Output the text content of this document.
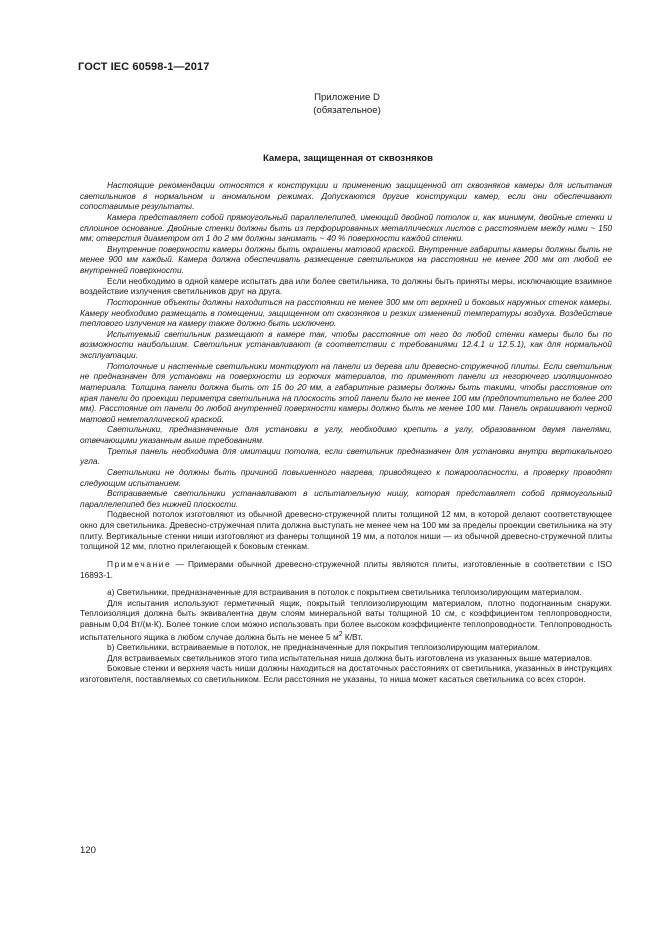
ГОСТ IEC 60598-1—2017
Приложение D
(обязательное)
Камера, защищенная от сквозняков

Настоящие рекомендации относятся к конструкции и применению защищенной от сквозняков камеры для испытания светильников в нормальном и аномальном режимах. Допускаются другие конструкции камер, если они обеспечивают сопоставимые результаты.

Камера представляет собой прямоугольный параллелепипед, имеющий двойной потолок и, как минимум, двойные стенки и сплошное основание. Двойные стенки должны быть из перфорированных металлических листов с расстоянием между ними ~ 150 мм; отверстия диаметром от 1 до 2 мм должны занимать ~ 40 % поверхности каждой стенки.

Внутренние поверхности камеры должны быть окрашены матовой краской. Внутренние габариты камеры должны быть не менее 900 мм каждый. Камера должна обеспечивать размещение светильников на расстоянии не менее 200 мм от любой ее внутренней поверхности.

Если необходимо в одной камере испытать два или более светильника, то должны быть приняты меры, исключающие взаимное воздействие излучения светильников друг на друга.

Посторонние объекты должны находиться на расстоянии не менее 300 мм от верхней и боковых наружных стенок камеры. Камеру необходимо размещать в помещении, защищенном от сквозняков и резких изменений температуры воздуха. Воздействие теплового излучения на камеру также должно быть исключено.

Испытуемый светильник размещают в камере так, чтобы расстояние от него до любой стенки камеры было бы по возможности наибольшим. Светильник устанавливают (в соответствии с требованиями 12.4.1 и 12.5.1), как для нормальной эксплуатации.

Потолочные и настенные светильники монтируют на панели из дерева или древесно-стружечной плиты. Если светильник не предназначен для установки на поверхности из горючих материалов, то применяют панели из негорючего изоляционного материала. Толщина панели должна быть от 15 до 20 мм, а габаритные размеры должны быть такими, чтобы расстояние от края панели до проекции периметра светильника на плоскость этой панели было не менее 100 мм (предпочтительно не более 200 мм). Расстояние от панели до любой внутренней поверхности камеры должно быть не менее 100 мм. Панель окрашивают черной матовой неметаллической краской.

Светильники, предназначенные для установки в углу, необходимо крепить в углу, образованном двумя панелями, отвечающими указанным выше требованиям.

Третья панель необходима для имитации потолка, если светильник предназначен для установки внутри вертикального угла.

Светильники не должны быть причиной повышенного нагрева, приводящего к пожароопасности, а проверку проводят следующим испытанием.

Встраиваемые светильники устанавливают в испытательную нишу, которая представляет собой прямоугольный параллелепипед без нижней плоскости.

Подвесной потолок изготовляют из обычной древесно-стружечной плиты толщиной 12 мм, в которой делают соответствующее окно для светильника. Древесно-стружечная плита должна выступать не менее чем на 100 мм за пределы проекции светильника на эту плиту. Вертикальные стенки ниши изготовляют из фанеры толщиной 19 мм, а потолок ниши — из обычной древесно-стружечной плиты толщиной 12 мм, плотно прилегающей к боковым стенкам.

Примечание — Примерами обычной древесно-стружечной плиты являются плиты, изготовленные в соответствии с ISO 16893-1.

a) Светильники, предназначенные для встраивания в потолок с покрытием светильника теплоизолирующим материалом.

Для испытания используют герметичный ящик, покрытый теплоизолирующим материалом, плотно подогнанным снаружи. Теплоизоляция должна быть эквивалентна двум слоям минеральной ваты толщиной 10 см, с коэффициентом теплопроводности, равным 0,04 Вт/(м·К). Более тонкие слои можно использовать при более высоком коэффициенте теплопроводности. Теплопроводность испытательного ящика в любом случае должна быть не менее 5 $м^2$ К/Вт.

b) Светильники, встраиваемые в потолок, не предназначенные для покрытия теплоизолирующим материалом.

Для встраиваемых светильников этого типа испытательная ниша должна быть изготовлена из указанных выше материалов.

Боковые стенки и верхняя часть ниши должны находиться на достаточных расстояниях от светильника, указанных в инструкциях изготовителя, поставляемых со светильником. Если расстояния не указаны, то ниша может касаться светильника со всех сторон.

120
